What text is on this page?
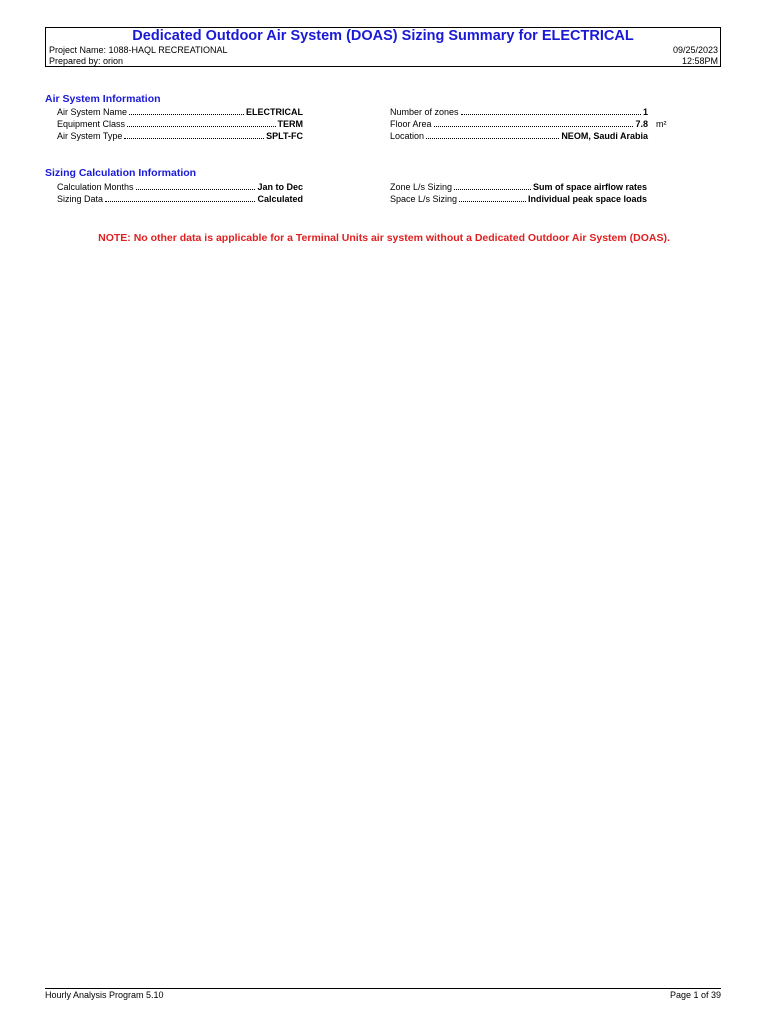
Dedicated Outdoor Air System (DOAS) Sizing Summary for ELECTRICAL
Project Name: 1088-HAQL RECREATIONAL
Prepared by: orion
09/25/2023
12:58PM
Air System Information
Air System Name	ELECTRICAL
Equipment Class	TERM
Air System Type	SPLT-FC
Number of zones	1
Floor Area	7.8 m²
Location	NEOM, Saudi Arabia
Sizing Calculation Information
Calculation Months	Jan to Dec
Sizing Data	Calculated
Zone L/s Sizing	Sum of space airflow rates
Space L/s Sizing	Individual peak space loads
NOTE: No other data is applicable for a Terminal Units air system without a Dedicated Outdoor Air System (DOAS).
Hourly Analysis Program 5.10	Page 1 of 39
